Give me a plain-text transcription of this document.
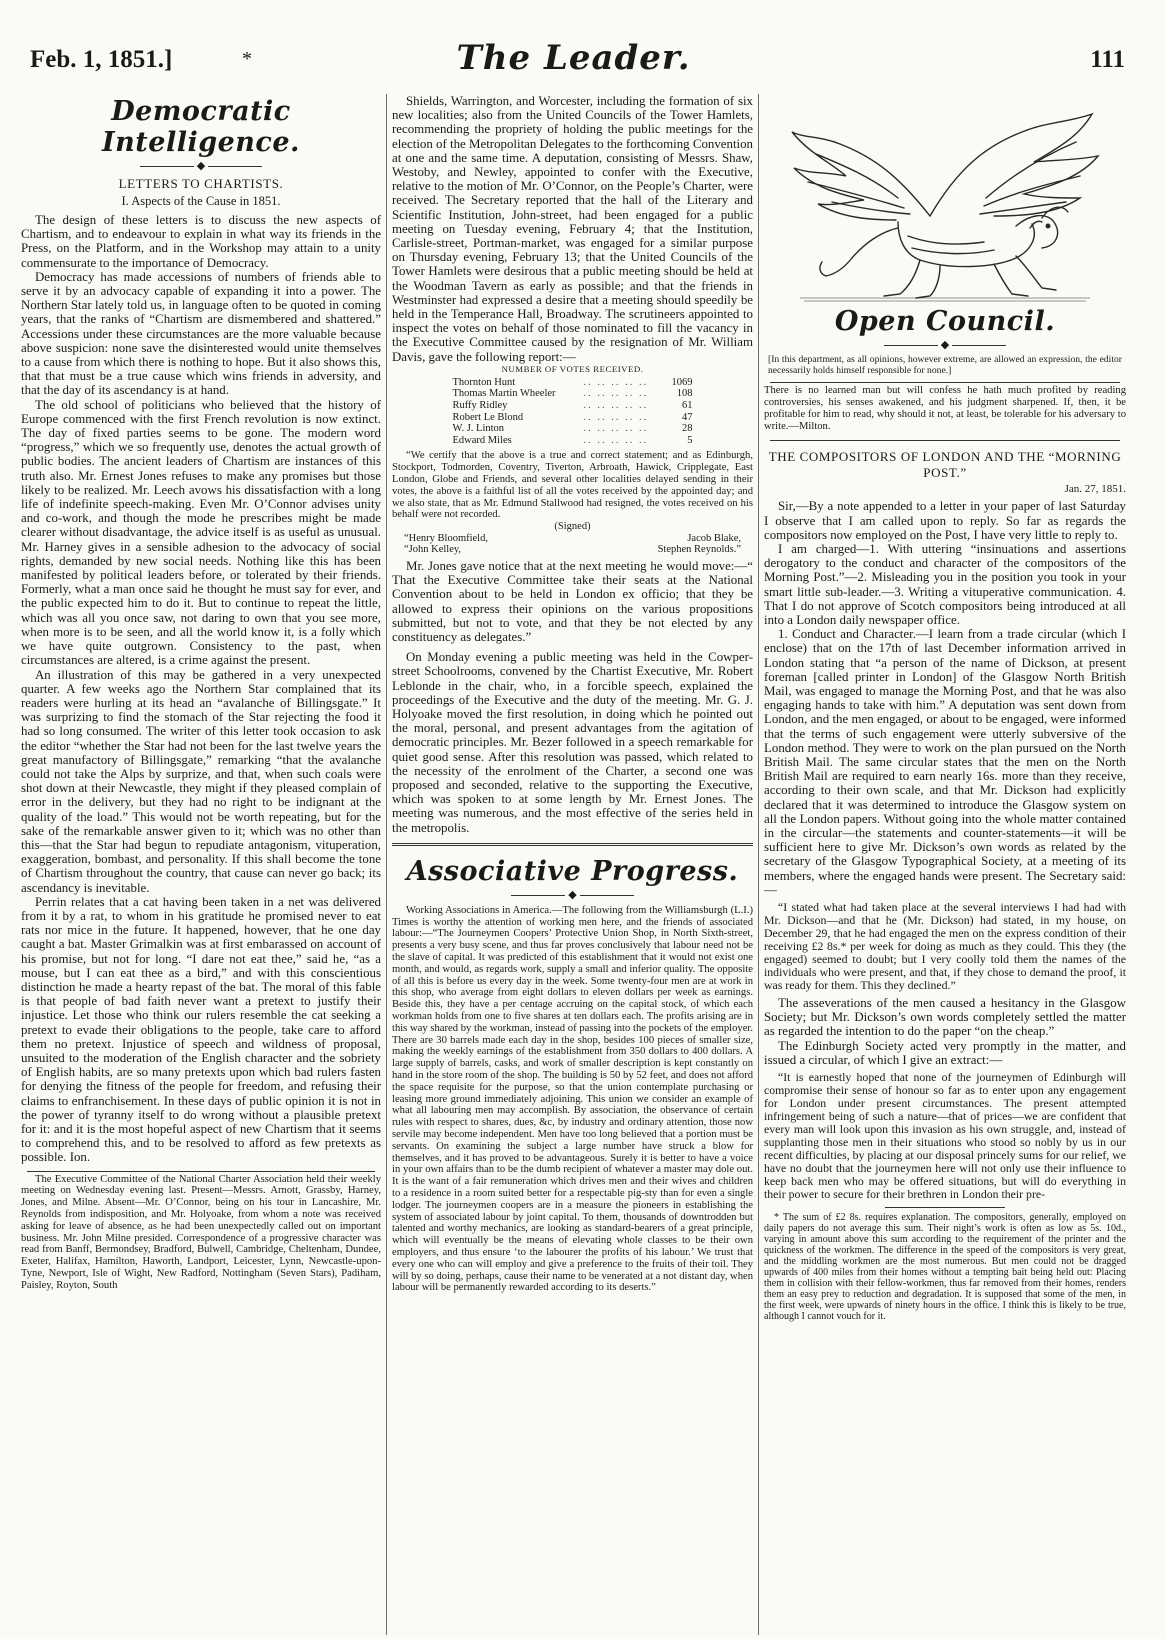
Feb. 1, 1851.]	*	The Leader.	111
Democratic Intelligence.
◆
LETTERS TO CHARTISTS.
I. Aspects of the Cause in 1851.

The design of these letters is to discuss the new aspects of Chartism, and to endeavour to explain in what way its friends in the Press, on the Platform, and in the Workshop may attain to a unity commensurate to the importance of Democracy.

Democracy has made accessions of numbers of friends able to serve it by an advocacy capable of expanding it into a power. The Northern Star lately told us, in language often to be quoted in coming years, that the ranks of “Chartism are dismembered and shattered.” Accessions under these circumstances are the more valuable because above suspicion: none save the disinterested would unite themselves to a cause from which there is nothing to hope. But it also shows this, that that must be a true cause which wins friends in adversity, and that the day of its ascendancy is at hand.

The old school of politicians who believed that the history of Europe commenced with the first French revolution is now extinct. The day of fixed parties seems to be gone. The modern word “progress,” which we so frequently use, denotes the actual growth of public bodies. The ancient leaders of Chartism are instances of this truth also. Mr. Ernest Jones refuses to make any promises but those likely to be realized. Mr. Leech avows his dissatisfaction with a long life of indefinite speech-making. Even Mr. O’Connor advises unity and co-work, and though the mode he prescribes might be made clearer without disadvantage, the advice itself is as useful as unusual. Mr. Harney gives in a sensible adhesion to the advocacy of social rights, demanded by new social needs. Nothing like this has been manifested by political leaders before, or tolerated by their friends. Formerly, what a man once said he thought he must say for ever, and the public expected him to do it. But to continue to repeat the little, which was all you once saw, not daring to own that you see more, when more is to be seen, and all the world know it, is a folly which we have quite outgrown. Consistency to the past, when circumstances are altered, is a crime against the present.

An illustration of this may be gathered in a very unexpected quarter. A few weeks ago the Northern Star complained that its readers were hurling at its head an “avalanche of Billingsgate.” It was surprizing to find the stomach of the Star rejecting the food it had so long consumed. The writer of this letter took occasion to ask the editor “whether the Star had not been for the last twelve years the great manufactory of Billingsgate,” remarking “that the avalanche could not take the Alps by surprize, and that, when such coals were shot down at their Newcastle, they might if they pleased complain of error in the delivery, but they had no right to be indignant at the quality of the load.” This would not be worth repeating, but for the sake of the remarkable answer given to it; which was no other than this—that the Star had begun to repudiate antagonism, vituperation, exaggeration, bombast, and personality. If this shall become the tone of Chartism throughout the country, that cause can never go back; its ascendancy is inevitable.

Perrin relates that a cat having been taken in a net was delivered from it by a rat, to whom in his gratitude he promised never to eat rats nor mice in the future. It happened, however, that he one day caught a bat. Master Grimalkin was at first embarassed on account of his promise, but not for long. “I dare not eat thee,” said he, “as a mouse, but I can eat thee as a bird,” and with this conscientious distinction he made a hearty repast of the bat. The moral of this fable is that people of bad faith never want a pretext to justify their injustice. Let those who think our rulers resemble the cat seeking a pretext to evade their obligations to the people, take care to afford them no pretext. Injustice of speech and wildness of proposal, unsuited to the moderation of the English character and the sobriety of English habits, are so many pretexts upon which bad rulers fasten for denying the fitness of the people for freedom, and refusing their claims to enfranchisement. In these days of public opinion it is not in the power of tyranny itself to do wrong without a plausible pretext for it: and it is the most hopeful aspect of new Chartism that it seems to comprehend this, and to be resolved to afford as few pretexts as possible. Ion.

The Executive Committee of the National Charter Association held their weekly meeting on Wednesday evening last. Present—Messrs. Arnott, Grassby, Harney, Jones, and Milne. Absent—Mr. O’Connor, being on his tour in Lancashire, Mr. Reynolds from indisposition, and Mr. Holyoake, from whom a note was received asking for leave of absence, as he had been unexpectedly called out on important business. Mr. John Milne presided. Correspondence of a progressive character was read from Banff, Bermondsey, Bradford, Bulwell, Cambridge, Cheltenham, Dundee, Exeter, Halifax, Hamilton, Haworth, Landport, Leicester, Lynn, Newcastle-upon-Tyne, Newport, Isle of Wight, New Radford, Nottingham (Seven Stars), Padiham, Paisley, Royton, South

Shields, Warrington, and Worcester, including the formation of six new localities; also from the United Councils of the Tower Hamlets, recommending the propriety of holding the public meetings for the election of the Metropolitan Delegates to the forthcoming Convention at one and the same time. A deputation, consisting of Messrs. Shaw, Westoby, and Newley, appointed to confer with the Executive, relative to the motion of Mr. O’Connor, on the People’s Charter, were received. The Secretary reported that the hall of the Literary and Scientific Institution, John-street, had been engaged for a public meeting on Tuesday evening, February 4; that the Institution, Carlisle-street, Portman-market, was engaged for a similar purpose on Thursday evening, February 13; that the United Councils of the Tower Hamlets were desirous that a public meeting should be held at the Woodman Tavern as early as possible; and that the friends in Westminster had expressed a desire that a meeting should speedily be held in the Temperance Hall, Broadway. The scrutineers appointed to inspect the votes on behalf of those nominated to fill the vacancy in the Executive Committee caused by the resignation of Mr. William Davis, gave the following report:—

NUMBER OF VOTES RECEIVED.
Thornton Hunt	.. .. .. .. ..	1069
Thomas Martin Wheeler	.. .. .. .. ..	108
Ruffy Ridley	.. .. .. .. ..	61
Robert Le Blond	.. .. .. .. ..	47
W. J. Linton	.. .. .. .. ..	28
Edward Miles	.. .. .. .. ..	5

“We certify that the above is a true and correct statement; and as Edinburgh, Stockport, Todmorden, Coventry, Tiverton, Arbroath, Hawick, Cripplegate, East London, Globe and Friends, and several other localities delayed sending in their votes, the above is a faithful list of all the votes received by the appointed day; and we also state, that as Mr. Edmund Stallwood had resigned, the votes received on his behalf were not recorded.

(Signed)
“Henry Bloomfield,	Jacob Blake,
“John Kelley,	Stephen Reynolds.”

Mr. Jones gave notice that at the next meeting he would move:—“ That the Executive Committee take their seats at the National Convention about to be held in London ex officio; that they be allowed to express their opinions on the various propositions submitted, but not to vote, and that they be not elected by any constituency as delegates.”

On Monday evening a public meeting was held in the Cowper-street Schoolrooms, convened by the Chartist Executive, Mr. Robert Leblonde in the chair, who, in a forcible speech, explained the proceedings of the Executive and the duty of the meeting. Mr. G. J. Holyoake moved the first resolution, in doing which he pointed out the moral, personal, and present advantages from the agitation of democratic principles. Mr. Bezer followed in a speech remarkable for quiet good sense. After this resolution was passed, which related to the necessity of the enrolment of the Charter, a second one was proposed and seconded, relative to the supporting the Executive, which was spoken to at some length by Mr. Ernest Jones. The meeting was numerous, and the most effective of the series held in the metropolis.

Associative Progress.
◆

Working Associations in America.—The following from the Williamsburgh (L.I.) Times is worthy the attention of working men here, and the friends of associated labour:—“The Journeymen Coopers’ Protective Union Shop, in North Sixth-street, presents a very busy scene, and thus far proves conclusively that labour need not be the slave of capital. It was predicted of this establishment that it would not exist one month, and would, as regards work, supply a small and inferior quality. The opposite of all this is before us every day in the week. Some twenty-four men are at work in this shop, who average from eight dollars to eleven dollars per week as earnings. Beside this, they have a per centage accruing on the capital stock, of which each workman holds from one to five shares at ten dollars each. The profits arising are in this way shared by the workman, instead of passing into the pockets of the employer. There are 30 barrels made each day in the shop, besides 100 pieces of smaller size, making the weekly earnings of the establishment from 350 dollars to 400 dollars. A large supply of barrels, casks, and work of smaller description is kept constantly on hand in the store room of the shop. The building is 50 by 52 feet, and does not afford the space requisite for the purpose, so that the union contemplate purchasing or leasing more ground immediately adjoining. This union we consider an example of what all labouring men may accomplish. By association, the observance of certain rules with respect to shares, dues, &c, by industry and ordinary attention, those now servile may become independent. Men have too long believed that a portion must be servants. On examining the subject a large number have struck a blow for themselves, and it has proved to be advantageous. Surely it is better to have a voice in your own affairs than to be the dumb recipient of whatever a master may dole out. It is the want of a fair remuneration which drives men and their wives and children to a residence in a room suited better for a respectable pig-sty than for even a single lodger. The journeymen coopers are in a measure the pioneers in establishing the system of associated labour by joint capital. To them, thousands of downtrodden but talented and worthy mechanics, are looking as standard-bearers of a great principle, which will eventually be the means of elevating whole classes to be their own employers, and thus ensure ‘to the labourer the profits of his labour.’ We trust that every one who can will employ and give a preference to the fruits of their toil. They will by so doing, perhaps, cause their name to be venerated at a not distant day, when labour will be permanently rewarded according to its deserts.”

Open Council.
◆

[In this department, as all opinions, however extreme, are allowed an expression, the editor necessarily holds himself responsible for none.]

There is no learned man but will confess he hath much profited by reading controversies, his senses awakened, and his judgment sharpened. If, then, it be profitable for him to read, why should it not, at least, be tolerable for his adversary to write.—Milton.

THE COMPOSITORS OF LONDON AND THE “MORNING POST.”
Jan. 27, 1851.

Sir,—By a note appended to a letter in your paper of last Saturday I observe that I am called upon to reply. So far as regards the compositors now employed on the Post, I have very little to reply to.

I am charged—1. With uttering “insinuations and assertions derogatory to the conduct and character of the compositors of the Morning Post.”—2. Misleading you in the position you took in your smart little sub-leader.—3. Writing a vituperative communication. 4. That I do not approve of Scotch compositors being introduced at all into a London daily newspaper office.

1. Conduct and Character.—I learn from a trade circular (which I enclose) that on the 17th of last December information arrived in London stating that “a person of the name of Dickson, at present foreman [called printer in London] of the Glasgow North British Mail, was engaged to manage the Morning Post, and that he was also engaging hands to take with him.” A deputation was sent down from London, and the men engaged, or about to be engaged, were informed that the terms of such engagement were utterly subversive of the London method. They were to work on the plan pursued on the North British Mail. The same circular states that the men on the North British Mail are required to earn nearly 16s. more than they receive, according to their own scale, and that Mr. Dickson had explicitly declared that it was determined to introduce the Glasgow system on all the London papers. Without going into the whole matter contained in the circular—the statements and counter-statements—it will be sufficient here to give Mr. Dickson’s own words as related by the secretary of the Glasgow Typographical Society, at a meeting of its members, where the engaged hands were present. The Secretary said:—

“I stated what had taken place at the several interviews I had had with Mr. Dickson—and that he (Mr. Dickson) had stated, in my house, on December 29, that he had engaged the men on the express condition of their receiving £2 8s.* per week for doing as much as they could. This they (the engaged) seemed to doubt; but I very coolly told them the names of the individuals who were present, and that, if they chose to demand the proof, it was ready for them. This they declined.”

The asseverations of the men caused a hesitancy in the Glasgow Society; but Mr. Dickson’s own words completely settled the matter as regarded the intention to do the paper “on the cheap.”

The Edinburgh Society acted very promptly in the matter, and issued a circular, of which I give an extract:—

“It is earnestly hoped that none of the journeymen of Edinburgh will compromise their sense of honour so far as to enter upon any engagement for London under present circumstances. The present attempted infringement being of such a nature—that of prices—we are confident that every man will look upon this invasion as his own struggle, and, instead of supplanting those men in their situations who stood so nobly by us in our recent difficulties, by placing at our disposal princely sums for our relief, we have no doubt that the journeymen here will not only use their influence to keep back men who may be offered situations, but will do everything in their power to secure for their brethren in London their pre-

* The sum of £2 8s. requires explanation. The compositors, generally, employed on daily papers do not average this sum. Their night’s work is often as low as 5s. 10d., varying in amount above this sum according to the requirement of the printer and the quickness of the workmen. The difference in the speed of the compositors is very great, and the middling workmen are the most numerous. But men could not be dragged upwards of 400 miles from their homes without a tempting bait being held out: Placing them in collision with their fellow-workmen, thus far removed from their homes, renders them an easy prey to reduction and degradation. It is supposed that some of the men, in the first week, were upwards of ninety hours in the office. I think this is likely to be true, although I cannot vouch for it.
